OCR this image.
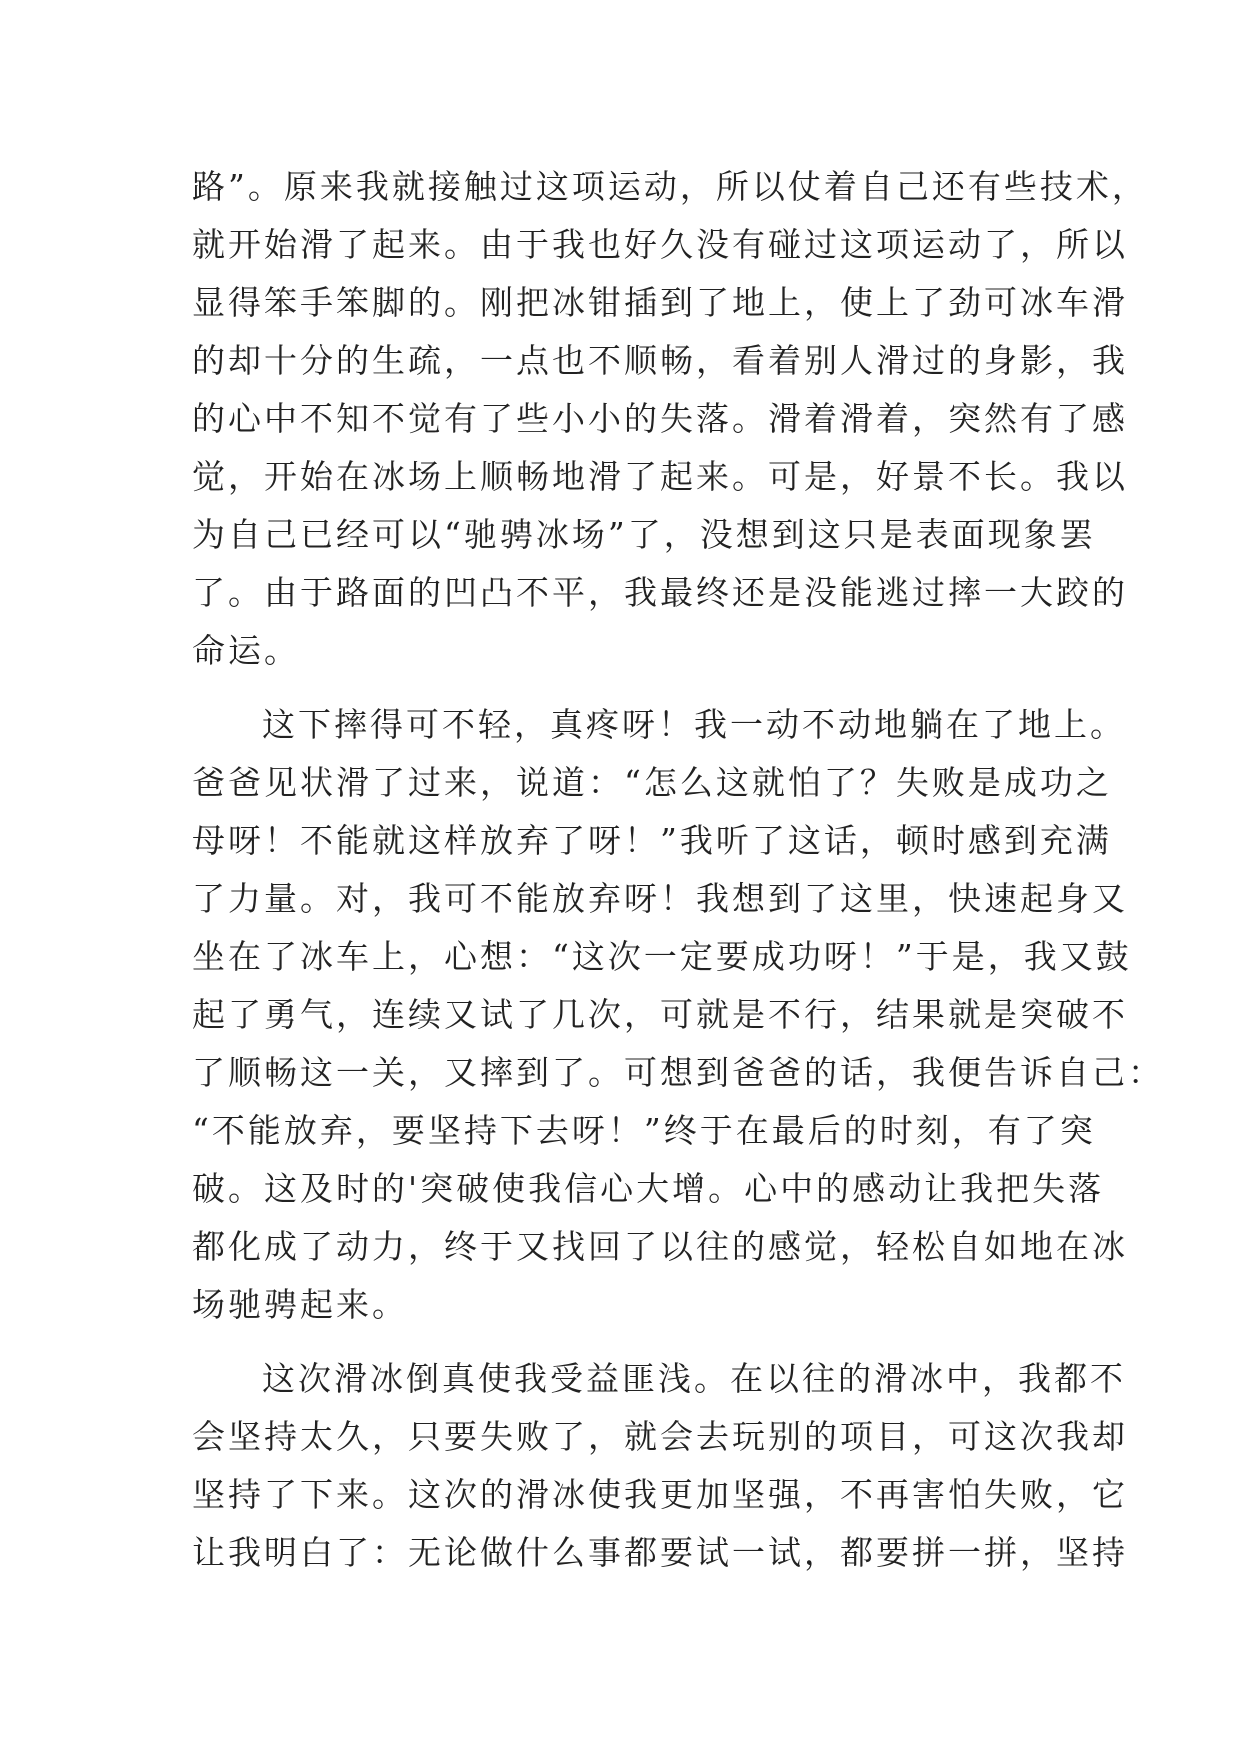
路”。原来我就接触过这项运动，所以仗着自己还有些技术，
就开始滑了起来。由于我也好久没有碰过这项运动了，所以
显得笨手笨脚的。刚把冰钳插到了地上，使上了劲可冰车滑
的却十分的生疏，一点也不顺畅，看着别人滑过的身影，我
的心中不知不觉有了些小小的失落。滑着滑着，突然有了感
觉，开始在冰场上顺畅地滑了起来。可是，好景不长。我以
为自己已经可以“驰骋冰场”了，没想到这只是表面现象罢
了。由于路面的凹凸不平，我最终还是没能逃过摔一大跤的
命运。
这下摔得可不轻，真疼呀！我一动不动地躺在了地上。
爸爸见状滑了过来，说道：“怎么这就怕了？失败是成功之
母呀！不能就这样放弃了呀！”我听了这话，顿时感到充满
了力量。对，我可不能放弃呀！我想到了这里，快速起身又
坐在了冰车上，心想：“这次一定要成功呀！”于是，我又鼓
起了勇气，连续又试了几次，可就是不行，结果就是突破不
了顺畅这一关，又摔到了。可想到爸爸的话，我便告诉自己：
“不能放弃，要坚持下去呀！”终于在最后的时刻，有了突
破。这及时的'突破使我信心大增。心中的感动让我把失落
都化成了动力，终于又找回了以往的感觉，轻松自如地在冰
场驰骋起来。
这次滑冰倒真使我受益匪浅。在以往的滑冰中，我都不
会坚持太久，只要失败了，就会去玩别的项目，可这次我却
坚持了下来。这次的滑冰使我更加坚强，不再害怕失败，它
让我明白了：无论做什么事都要试一试，都要拼一拼，坚持
